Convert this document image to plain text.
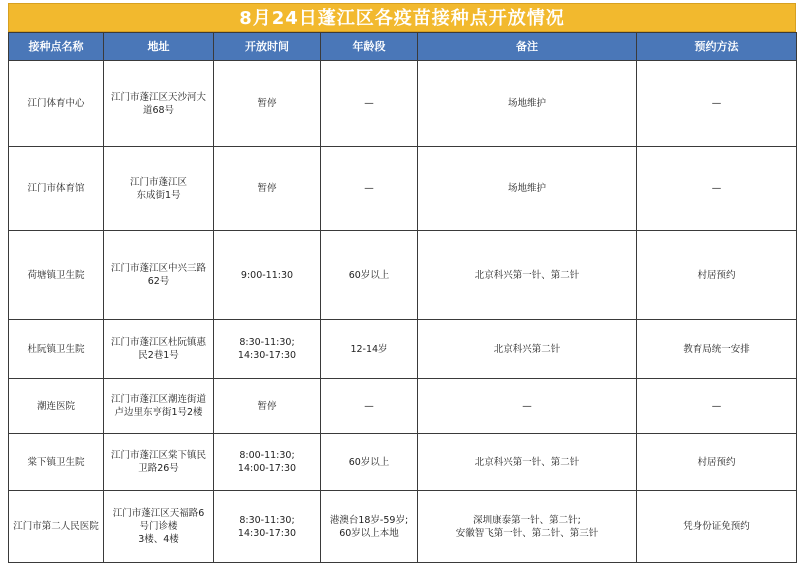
8月24日蓬江区各疫苗接种点开放情况
接种点名称	地址	开放时间	年龄段	备注	预约方法
江门体育中心	江门市蓬江区天沙河大
道68号	暂停	—	场地维护	—
江门市体育馆	江门市蓬江区
东成街1号	暂停	—	场地维护	—
荷塘镇卫生院	江门市蓬江区中兴三路
62号	9:00-11:30	60岁以上	北京科兴第一针、第二针	村居预约
杜阮镇卫生院	江门市蓬江区杜阮镇惠
民2巷1号	8:30-11:30;
14:30-17:30	12-14岁	北京科兴第二针	教育局统一安排
潮连医院	江门市蓬江区潮连街道
卢边里东亨街1号2楼	暂停	—	—	—
棠下镇卫生院	江门市蓬江区棠下镇民
卫路26号	8:00-11:30;
14:00-17:30	60岁以上	北京科兴第一针、第二针	村居预约
江门市第二人民医院	江门市蓬江区天福路6
号门诊楼
3楼、4楼	8:30-11:30;
14:30-17:30	港澳台18岁-59岁;
60岁以上本地	深圳康泰第一针、第二针;
安徽智飞第一针、第二针、第三针	凭身份证免预约
